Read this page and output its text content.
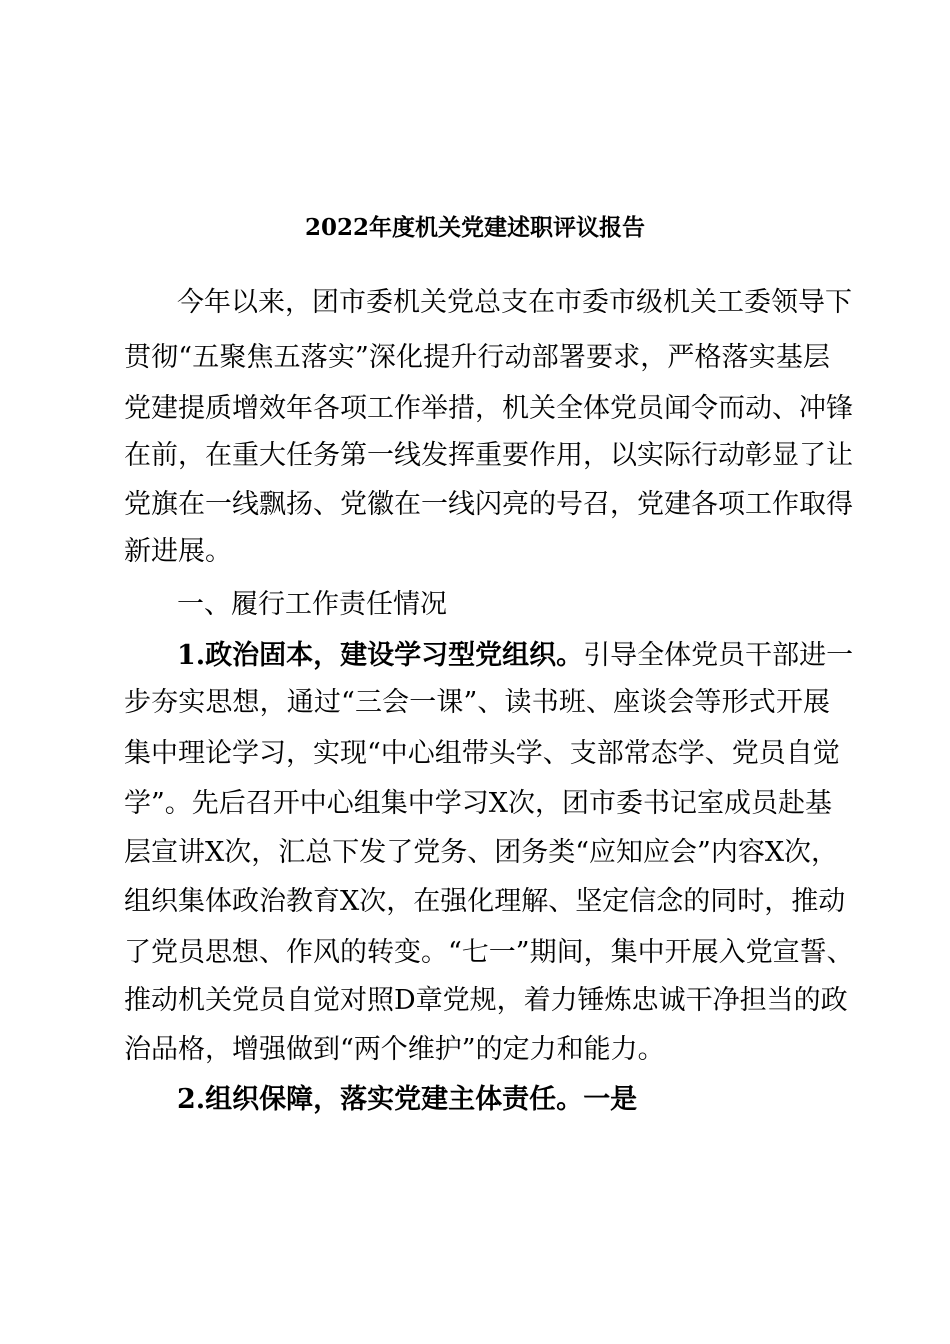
2022年度机关党建述职评议报告
今年以来，团市委机关党总支在市委市级机关工委领导下
贯彻“五聚焦五落实”深化提升行动部署要求，严格落实基层
党建提质增效年各项工作举措，机关全体党员闻令而动、冲锋
在前，在重大任务第一线发挥重要作用，以实际行动彰显了让
党旗在一线飘扬、党徽在一线闪亮的号召，党建各项工作取得
新进展。
一、履行工作责任情况
1.政治固本，建设学习型党组织。引导全体党员干部进一
步夯实思想，通过“三会一课”、读书班、座谈会等形式开展
集中理论学习，实现“中心组带头学、支部常态学、党员自觉
学”。先后召开中心组集中学习X次，团市委书记室成员赴基
层宣讲X次，汇总下发了党务、团务类“应知应会”内容X次，
组织集体政治教育X次，在强化理解、坚定信念的同时，推动
了党员思想、作风的转变。“七一”期间，集中开展入党宣誓、
推动机关党员自觉对照D章党规，着力锤炼忠诚干净担当的政
治品格，增强做到“两个维护”的定力和能力。
2.组织保障，落实党建主体责任。一是
